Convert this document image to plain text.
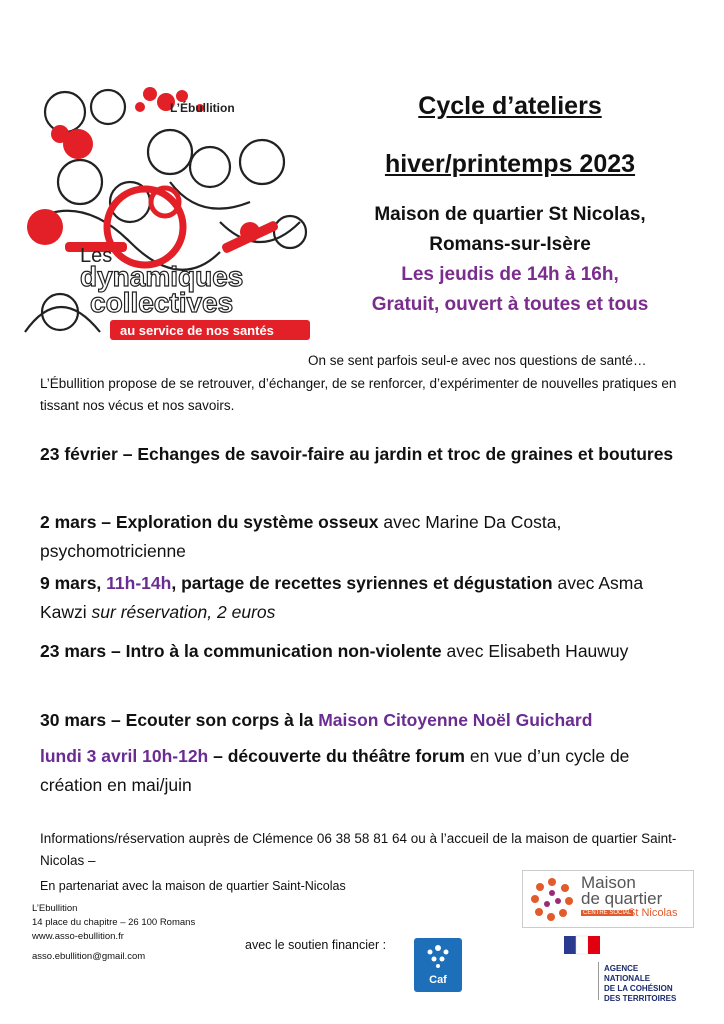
L’Ébullition
Les
dynamiques
collectives
au service de nos santés
Cycle d’ateliers
hiver/printemps 2023
Maison de quartier St Nicolas,
Romans-sur-Isère
Les jeudis de 14h à 16h,
Gratuit, ouvert à toutes et tous
On se sent parfois seul-e avec nos questions de santé…
L’Ébullition propose de se retrouver, d’échanger, de se renforcer, d’expérimenter de nouvelles pratiques en tissant nos vécus et nos savoirs.
23 février – Echanges de savoir-faire au jardin et troc de graines et boutures
2 mars – Exploration du système osseux avec Marine Da Costa, psychomotricienne
9 mars, 11h-14h, partage de recettes syriennes et dégustation avec Asma Kawzi sur réservation, 2 euros
23 mars – Intro à la communication non-violente avec Elisabeth Hauwuy
30 mars – Ecouter son corps à la Maison Citoyenne Noël Guichard
lundi 3 avril 10h-12h – découverte du théâtre forum en vue d’un cycle de création en mai/juin
Informations/réservation auprès de Clémence 06 38 58 81 64 ou à l’accueil de la maison de quartier Saint-Nicolas –
En partenariat avec la maison de quartier Saint-Nicolas
L’Ebullition
14 place du chapitre – 26 100 Romans
www.asso-ebullition.fr
asso.ebullition@gmail.com
avec le soutien financier :
Maison
de quartier
CENTRE SOCIAL
St Nicolas
Caf
AGENCE
NATIONALE
DE LA COHÉSION
DES TERRITOIRES
